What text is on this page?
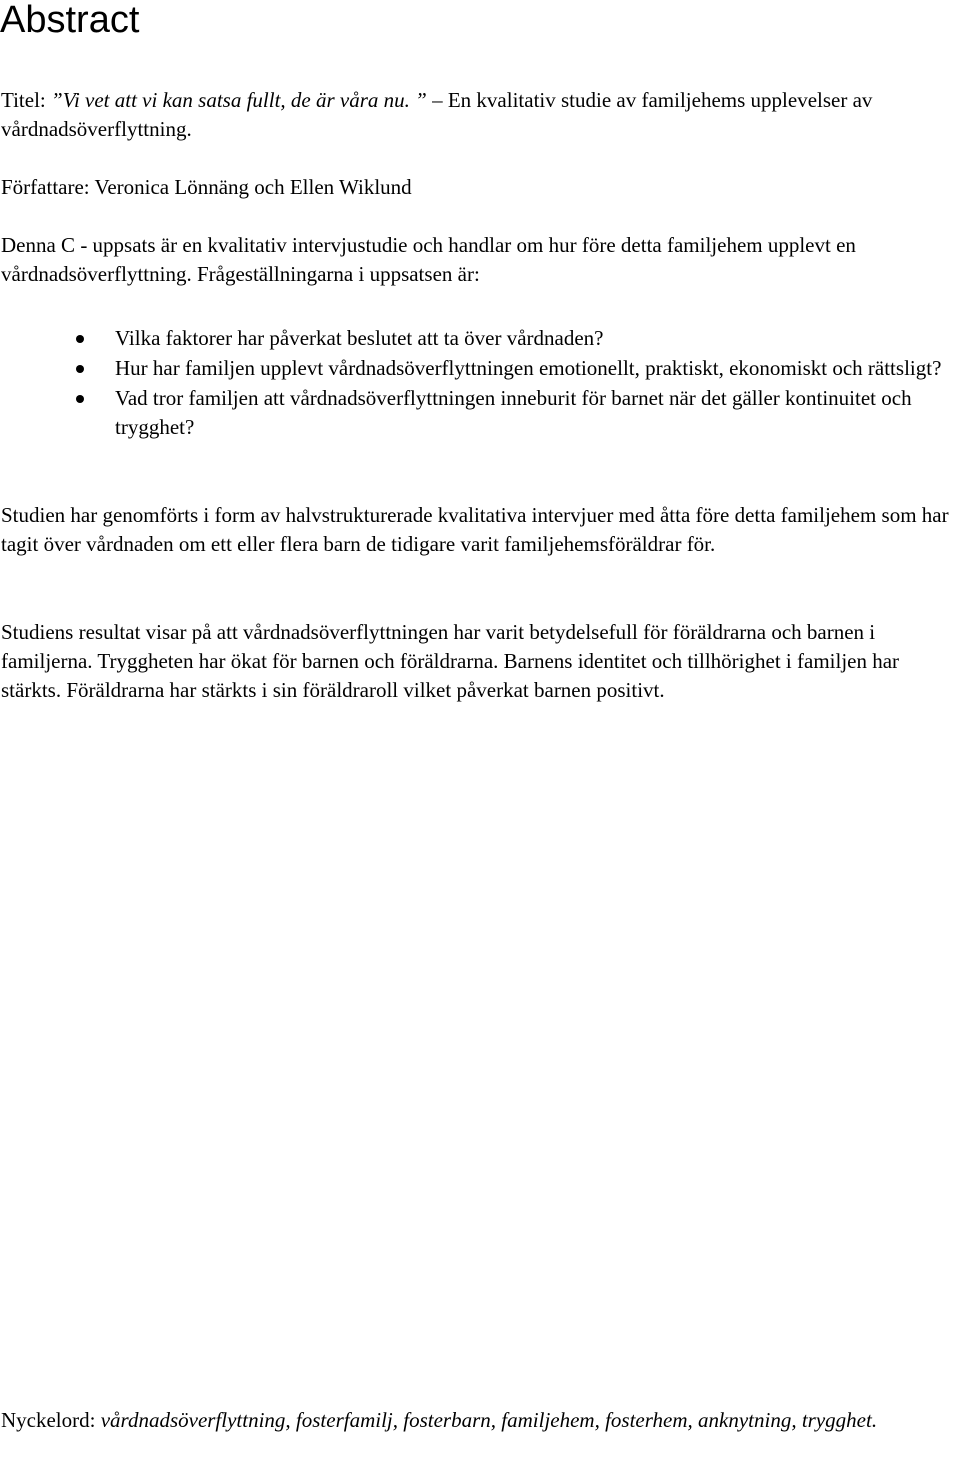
Abstract

Titel: ”Vi vet att vi kan satsa fullt, de är våra nu. ” – En kvalitativ studie av familjehems upplevelser av vårdnadsöverflyttning.

Författare: Veronica Lönnäng och Ellen Wiklund

Denna C - uppsats är en kvalitativ intervjustudie och handlar om hur före detta familjehem upplevt en vårdnadsöverflyttning. Frågeställningarna i uppsatsen är:

Vilka faktorer har påverkat beslutet att ta över vårdnaden?
Hur har familjen upplevt vårdnadsöverflyttningen emotionellt, praktiskt, ekonomiskt och rättsligt?
Vad tror familjen att vårdnadsöverflyttningen inneburit för barnet när det gäller kontinuitet och trygghet?

Studien har genomförts i form av halvstrukturerade kvalitativa intervjuer med åtta före detta familjehem som har tagit över vårdnaden om ett eller flera barn de tidigare varit familjehemsföräldrar för.

Studiens resultat visar på att vårdnadsöverflyttningen har varit betydelsefull för föräldrarna och barnen i familjerna. Tryggheten har ökat för barnen och föräldrarna. Barnens identitet och tillhörighet i familjen har stärkts. Föräldrarna har stärkts i sin föräldraroll vilket påverkat barnen positivt.

Nyckelord: vårdnadsöverflyttning, fosterfamilj, fosterbarn, familjehem, fosterhem, anknytning, trygghet.
